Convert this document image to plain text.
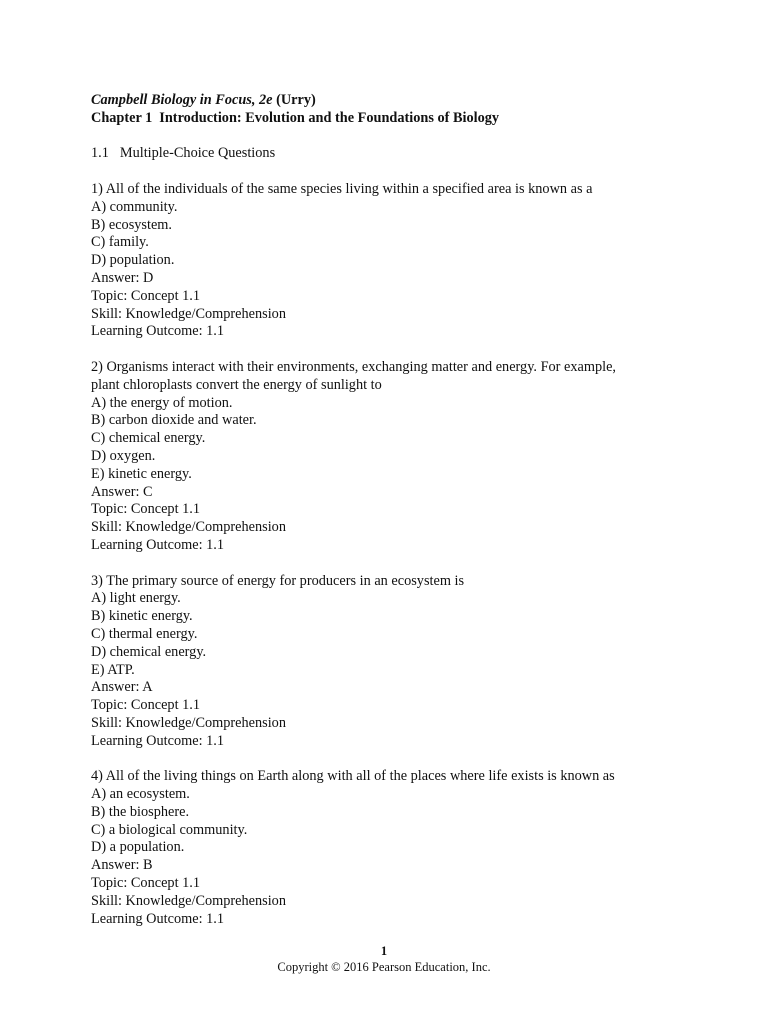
Campbell Biology in Focus, 2e (Urry)
Chapter 1 Introduction: Evolution and the Foundations of Biology
1.1 Multiple-Choice Questions
1) All of the individuals of the same species living within a specified area is known as a
A) community.
B) ecosystem.
C) family.
D) population.
Answer: D
Topic: Concept 1.1
Skill: Knowledge/Comprehension
Learning Outcome: 1.1
2) Organisms interact with their environments, exchanging matter and energy. For example,
plant chloroplasts convert the energy of sunlight to
A) the energy of motion.
B) carbon dioxide and water.
C) chemical energy.
D) oxygen.
E) kinetic energy.
Answer: C
Topic: Concept 1.1
Skill: Knowledge/Comprehension
Learning Outcome: 1.1
3) The primary source of energy for producers in an ecosystem is
A) light energy.
B) kinetic energy.
C) thermal energy.
D) chemical energy.
E) ATP.
Answer: A
Topic: Concept 1.1
Skill: Knowledge/Comprehension
Learning Outcome: 1.1
4) All of the living things on Earth along with all of the places where life exists is known as
A) an ecosystem.
B) the biosphere.
C) a biological community.
D) a population.
Answer: B
Topic: Concept 1.1
Skill: Knowledge/Comprehension
Learning Outcome: 1.1
1
Copyright © 2016 Pearson Education, Inc.
